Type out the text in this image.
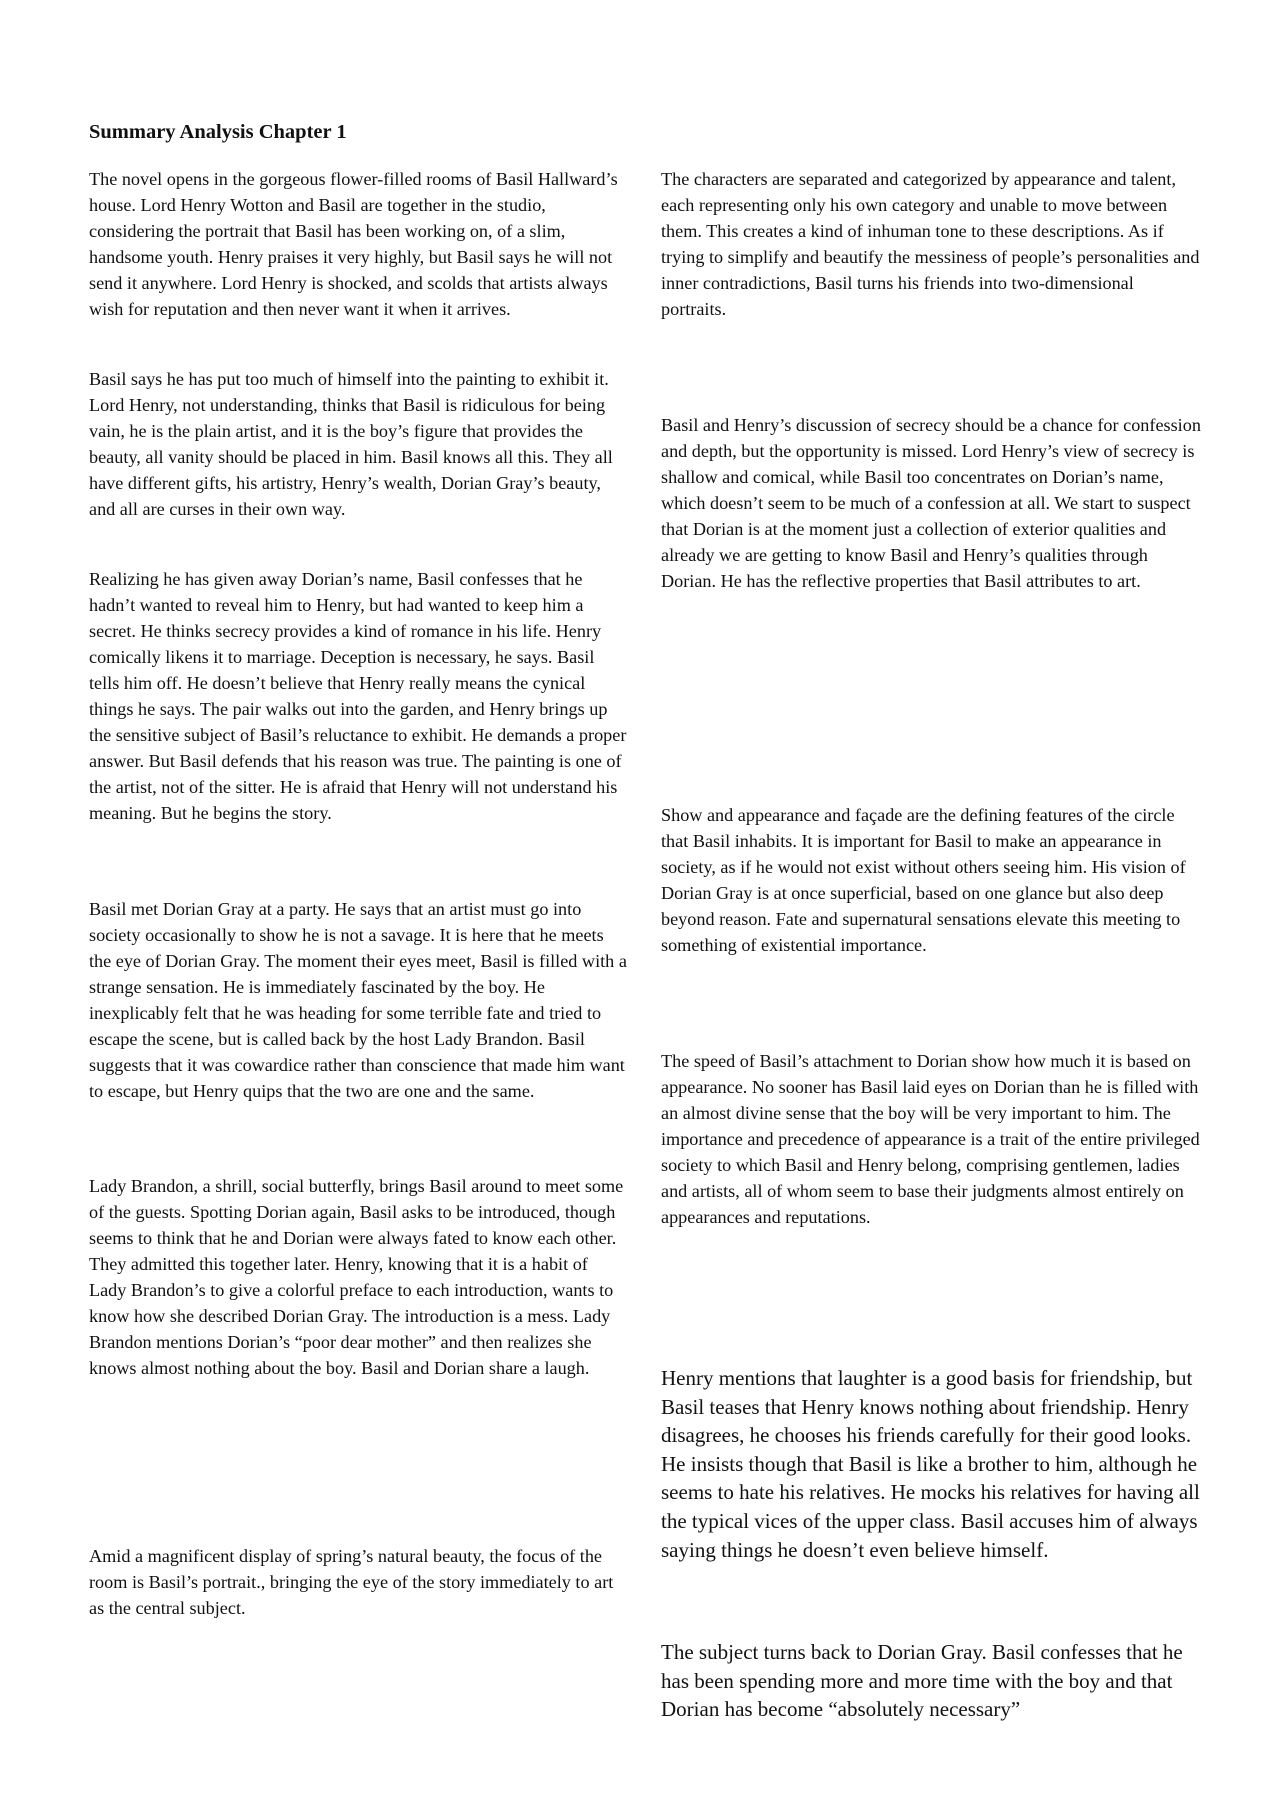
Summary Analysis Chapter 1

The novel opens in the gorgeous flower-filled rooms of Basil Hallward’s house. Lord Henry Wotton and Basil are together in the studio, considering the portrait that Basil has been working on, of a slim, handsome youth. Henry praises it very highly, but Basil says he will not send it anywhere. Lord Henry is shocked, and scolds that artists always wish for reputation and then never want it when it arrives.

Basil says he has put too much of himself into the painting to exhibit it. Lord Henry, not understanding, thinks that Basil is ridiculous for being vain, he is the plain artist, and it is the boy’s figure that provides the beauty, all vanity should be placed in him. Basil knows all this. They all have different gifts, his artistry, Henry’s wealth, Dorian Gray’s beauty, and all are curses in their own way.

Realizing he has given away Dorian’s name, Basil confesses that he hadn’t wanted to reveal him to Henry, but had wanted to keep him a secret. He thinks secrecy provides a kind of romance in his life. Henry comically likens it to marriage. Deception is necessary, he says. Basil tells him off. He doesn’t believe that Henry really means the cynical things he says. The pair walks out into the garden, and Henry brings up the sensitive subject of Basil’s reluctance to exhibit. He demands a proper answer. But Basil defends that his reason was true. The painting is one of the artist, not of the sitter. He is afraid that Henry will not understand his meaning. But he begins the story.

Basil met Dorian Gray at a party. He says that an artist must go into society occasionally to show he is not a savage. It is here that he meets the eye of Dorian Gray. The moment their eyes meet, Basil is filled with a strange sensation. He is immediately fascinated by the boy. He inexplicably felt that he was heading for some terrible fate and tried to escape the scene, but is called back by the host Lady Brandon. Basil suggests that it was cowardice rather than conscience that made him want to escape, but Henry quips that the two are one and the same.

Lady Brandon, a shrill, social butterfly, brings Basil around to meet some of the guests. Spotting Dorian again, Basil asks to be introduced, though seems to think that he and Dorian were always fated to know each other. They admitted this together later. Henry, knowing that it is a habit of Lady Brandon’s to give a colorful preface to each introduction, wants to know how she described Dorian Gray. The introduction is a mess. Lady Brandon mentions Dorian’s “poor dear mother” and then realizes she knows almost nothing about the boy. Basil and Dorian share a laugh.

Amid a magnificent display of spring’s natural beauty, the focus of the room is Basil’s portrait., bringing the eye of the story immediately to art as the central subject.

The characters are separated and categorized by appearance and talent, each representing only his own category and unable to move between them. This creates a kind of inhuman tone to these descriptions. As if trying to simplify and beautify the messiness of people’s personalities and inner contradictions, Basil turns his friends into two-dimensional portraits.

Basil and Henry’s discussion of secrecy should be a chance for confession and depth, but the opportunity is missed. Lord Henry’s view of secrecy is shallow and comical, while Basil too concentrates on Dorian’s name, which doesn’t seem to be much of a confession at all. We start to suspect that Dorian is at the moment just a collection of exterior qualities and already we are getting to know Basil and Henry’s qualities through Dorian. He has the reflective properties that Basil attributes to art.

Show and appearance and façade are the defining features of the circle that Basil inhabits. It is important for Basil to make an appearance in society, as if he would not exist without others seeing him. His vision of Dorian Gray is at once superficial, based on one glance but also deep beyond reason. Fate and supernatural sensations elevate this meeting to something of existential importance.

The speed of Basil’s attachment to Dorian show how much it is based on appearance. No sooner has Basil laid eyes on Dorian than he is filled with an almost divine sense that the boy will be very important to him. The importance and precedence of appearance is a trait of the entire privileged society to which Basil and Henry belong, comprising gentlemen, ladies and artists, all of whom seem to base their judgments almost entirely on appearances and reputations.

Henry mentions that laughter is a good basis for friendship, but Basil teases that Henry knows nothing about friendship. Henry disagrees, he chooses his friends carefully for their good looks. He insists though that Basil is like a brother to him, although he seems to hate his relatives. He mocks his relatives for having all the typical vices of the upper class. Basil accuses him of always saying things he doesn’t even believe himself.

The subject turns back to Dorian Gray. Basil confesses that he has been spending more and more time with the boy and that Dorian has become “absolutely necessary”
